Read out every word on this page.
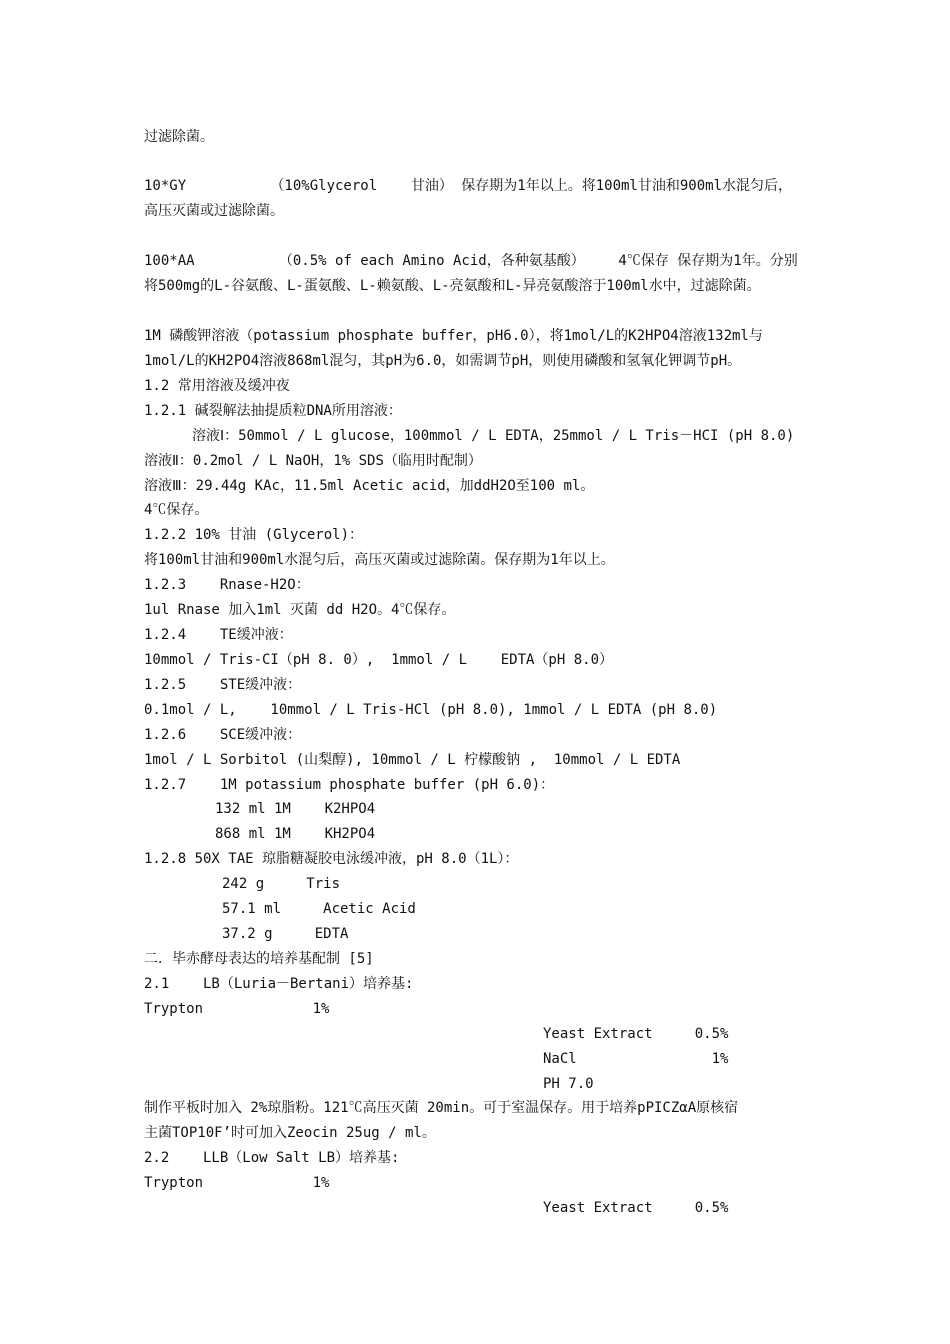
过滤除菌。
10*GY          （10%Glycerol    甘油） 保存期为1年以上。将100ml甘油和900ml水混匀后，
高压灭菌或过滤除菌。
100*AA          （0.5% of each Amino Acid，各种氨基酸）    4℃保存 保存期为1年。分别
将500mg的L-谷氨酸、L-蛋氨酸、L-赖氨酸、L-亮氨酸和L-异亮氨酸溶于100ml水中，过滤除菌。
1M 磷酸钾溶液（potassium phosphate buffer，pH6.0），将1mol/L的K2HPO4溶液132ml与
1mol/L的KH2PO4溶液868ml混匀，其pH为6.0，如需调节pH，则使用磷酸和氢氧化钾调节pH。
1.2 常用溶液及缓冲夜
1.2.1 碱裂解法抽提质粒DNA所用溶液：
溶液Ⅰ：50mmol / L glucose，100mmol / L EDTA，25mmol / L Tris－HCI (pH 8.0)
溶液Ⅱ：0.2mol / L NaOH，1% SDS（临用时配制）
溶液Ⅲ：29.44g KAc，11.5ml Acetic acid，加ddH2O至100 ml。
4℃保存。
1.2.2 10% 甘油 (Glycerol)：
将100ml甘油和900ml水混匀后，高压灭菌或过滤除菌。保存期为1年以上。
1.2.3    Rnase-H2O：
1ul Rnase 加入1ml 灭菌 dd H2O。4℃保存。
1.2.4    TE缓冲液：
10mmol / Tris-CI（pH 8. 0）,  1mmol / L    EDTA（pH 8.0）
1.2.5    STE缓冲液：
0.1mol / L,    10mmol / L Tris-HCl (pH 8.0), 1mmol / L EDTA (pH 8.0)
1.2.6    SCE缓冲液：
1mol / L Sorbitol (山梨醇), 10mmol / L 柠檬酸钠 ,  10mmol / L EDTA
1.2.7    1M potassium phosphate buffer (pH 6.0)：
132 ml 1M    K2HPO4
868 ml 1M    KH2PO4
1.2.8 50X TAE 琼脂糖凝胶电泳缓冲液，pH 8.0（1L）：
242 g     Tris
57.1 ml     Acetic Acid
37.2 g     EDTA
二．毕赤酵母表达的培养基配制 [5]
2.1    LB（Luria－Bertani）培养基:
Trypton             1%
Yeast Extract     0.5%
NaCl                1%
PH 7.0
制作平板时加入 2%琼脂粉。121℃高压灭菌 20min。可于室温保存。用于培养pPICZαA原核宿
主菌TOP10F’时可加入Zeocin 25ug / ml。
2.2    LLB（Low Salt LB）培养基:
Trypton             1%
Yeast Extract     0.5%
